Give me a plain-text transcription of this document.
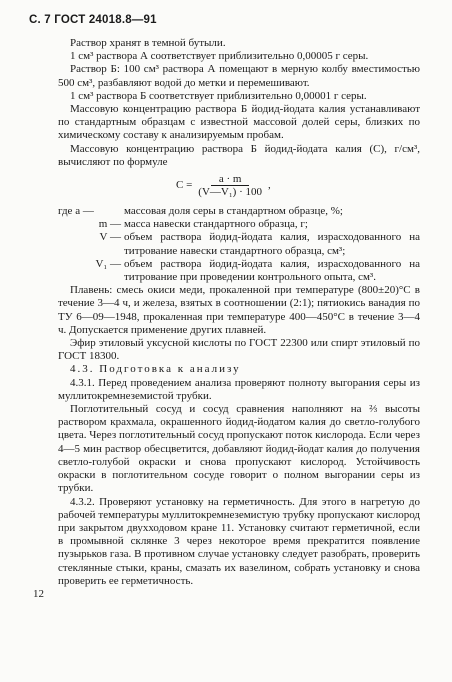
С. 7 ГОСТ 24018.8—91

Раствор хранят в темной бутыли.

1 см³ раствора А соответствует приблизительно 0,00005 г серы.

Раствор Б: 100 см³ раствора А помещают в мерную колбу вместимостью 500 см³, разбавляют водой до метки и перемешивают.

1 см³ раствора Б соответствует приблизительно 0,00001 г серы.

Массовую концентрацию раствора Б йодид-йодата калия устанавливают по стандартным образцам с известной массовой долей серы, близких по химическому составу к анализируемым пробам.

Массовую концентрацию раствора Б йодид-йодата калия (C), г/см³, вычисляют по формуле

$C = \frac{a \cdot m}{\text{(V—V₁) · 100}}$ ,
где a —	массовая доля серы в стандартном образце, %;
m — масса навески стандартного образца, г;
V — объем раствора йодид-йодата калия, израсходованного на титрование навески стандартного образца, см³;
V₁ — объем раствора йодид-йодата калия, израсходованного на титрование при проведении контрольного опыта, см³.

Плавень: смесь окиси меди, прокаленной при температуре (800±20)°С в течение 3—4 ч, и железа, взятых в соотношении (2:1); пятиокись ванадия по ТУ 6—09—1948, прокаленная при температуре 400—450°С в течение 3—4 ч. Допускается применение других плавней.

Эфир этиловый уксусной кислоты по ГОСТ 22300 или спирт этиловый по ГОСТ 18300.

4.3. Подготовка к анализу

4.3.1. Перед проведением анализа проверяют полноту выгорания серы из муллитокремнеземистой трубки.

Поглотительный сосуд и сосуд сравнения наполняют на ⅔ высоты раствором крахмала, окрашенного йодид-йодатом калия до светло-голубого цвета. Через поглотительный сосуд пропускают поток кислорода. Если через 4—5 мин раствор обесцветится, добавляют йодид-йодат калия до получения светло-голубой окраски и снова пропускают кислород. Устойчивость окраски в поглотительном сосуде говорит о полном выгорании серы из трубки.

4.3.2. Проверяют установку на герметичность. Для этого в нагретую до рабочей температуры муллитокремнеземистую трубку пропускают кислород при закрытом двухходовом кране 11. Установку считают герметичной, если в промывной склянке 3 через некоторое время прекратится появление пузырьков газа. В противном случае установку следует разобрать, проверить стеклянные стыки, краны, смазать их вазелином, собрать установку и снова проверить ее герметичность.

12
